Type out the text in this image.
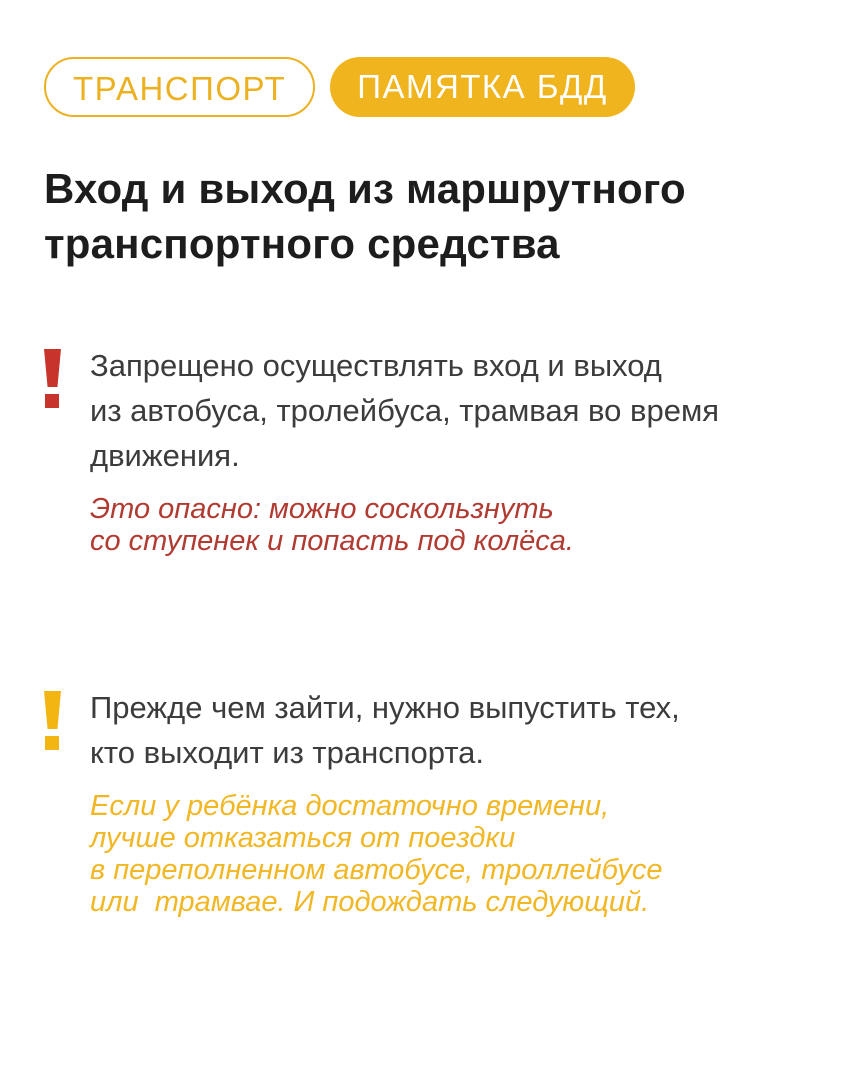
ТРАНСПОРТ	ПАМЯТКА БДД
Вход и выход из маршрутного
транспортного средства
Запрещено осуществлять вход и выход
из автобуса, тролейбуса, трамвая во время
движения.
Это опасно: можно соскользнуть
со ступенек и попасть под колёса.
Прежде чем зайти, нужно выпустить тех,
кто выходит из транспорта.
Если у ребёнка достаточно времени,
лучше отказаться от поездки
в переполненном автобусе, троллейбусе
или  трамвае. И подождать следующий.
